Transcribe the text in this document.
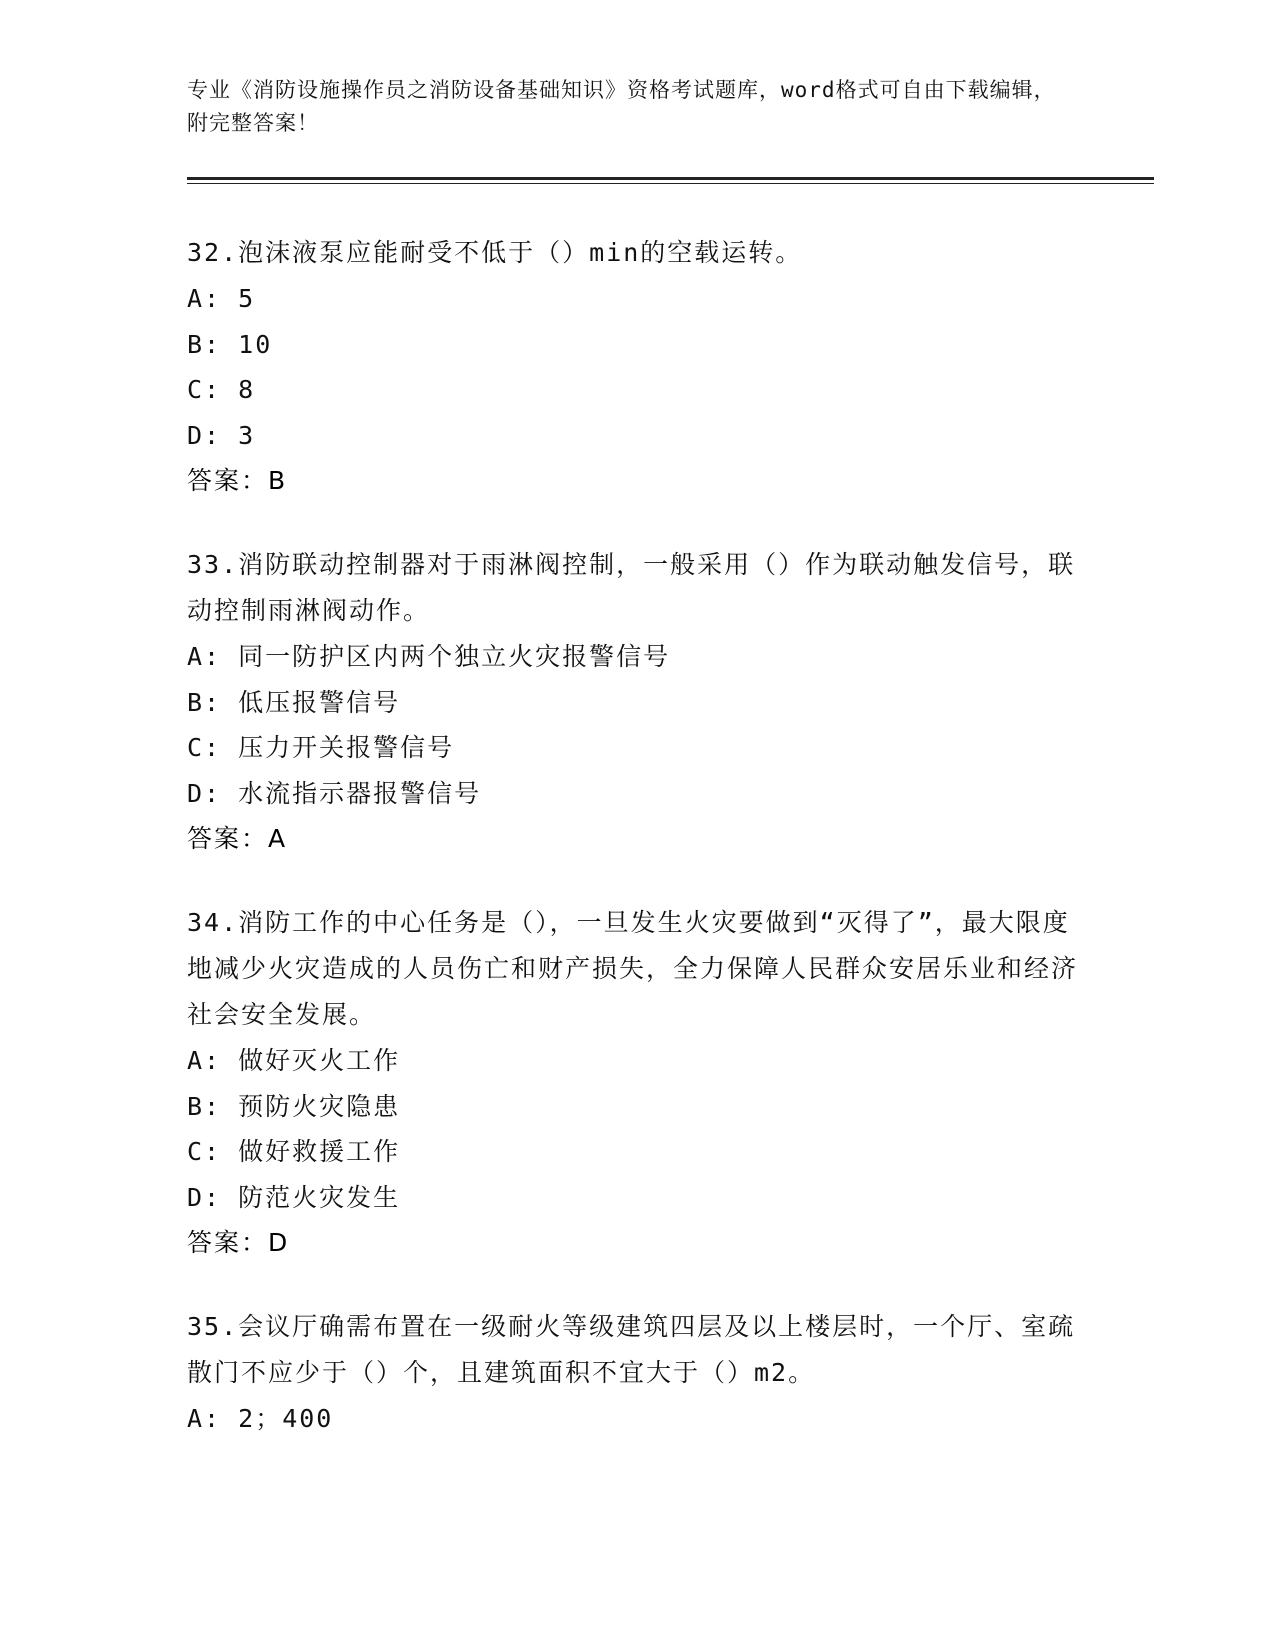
专业《消防设施操作员之消防设备基础知识》资格考试题库，word格式可自由下载编辑，附完整答案！
32.泡沫液泵应能耐受不低于（）min的空载运转。
A: 5
B: 10
C: 8
D: 3
答案：B
33.消防联动控制器对于雨淋阀控制，一般采用（）作为联动触发信号，联动控制雨淋阀动作。
A: 同一防护区内两个独立火灾报警信号
B: 低压报警信号
C: 压力开关报警信号
D: 水流指示器报警信号
答案：A
34.消防工作的中心任务是（），一旦发生火灾要做到“灭得了”，最大限度地减少火灾造成的人员伤亡和财产损失，全力保障人民群众安居乐业和经济社会安全发展。
A: 做好灭火工作
B: 预防火灾隐患
C: 做好救援工作
D: 防范火灾发生
答案：D
35.会议厅确需布置在一级耐火等级建筑四层及以上楼层时，一个厅、室疏散门不应少于（）个，且建筑面积不宜大于（）m2。
A: 2；400
